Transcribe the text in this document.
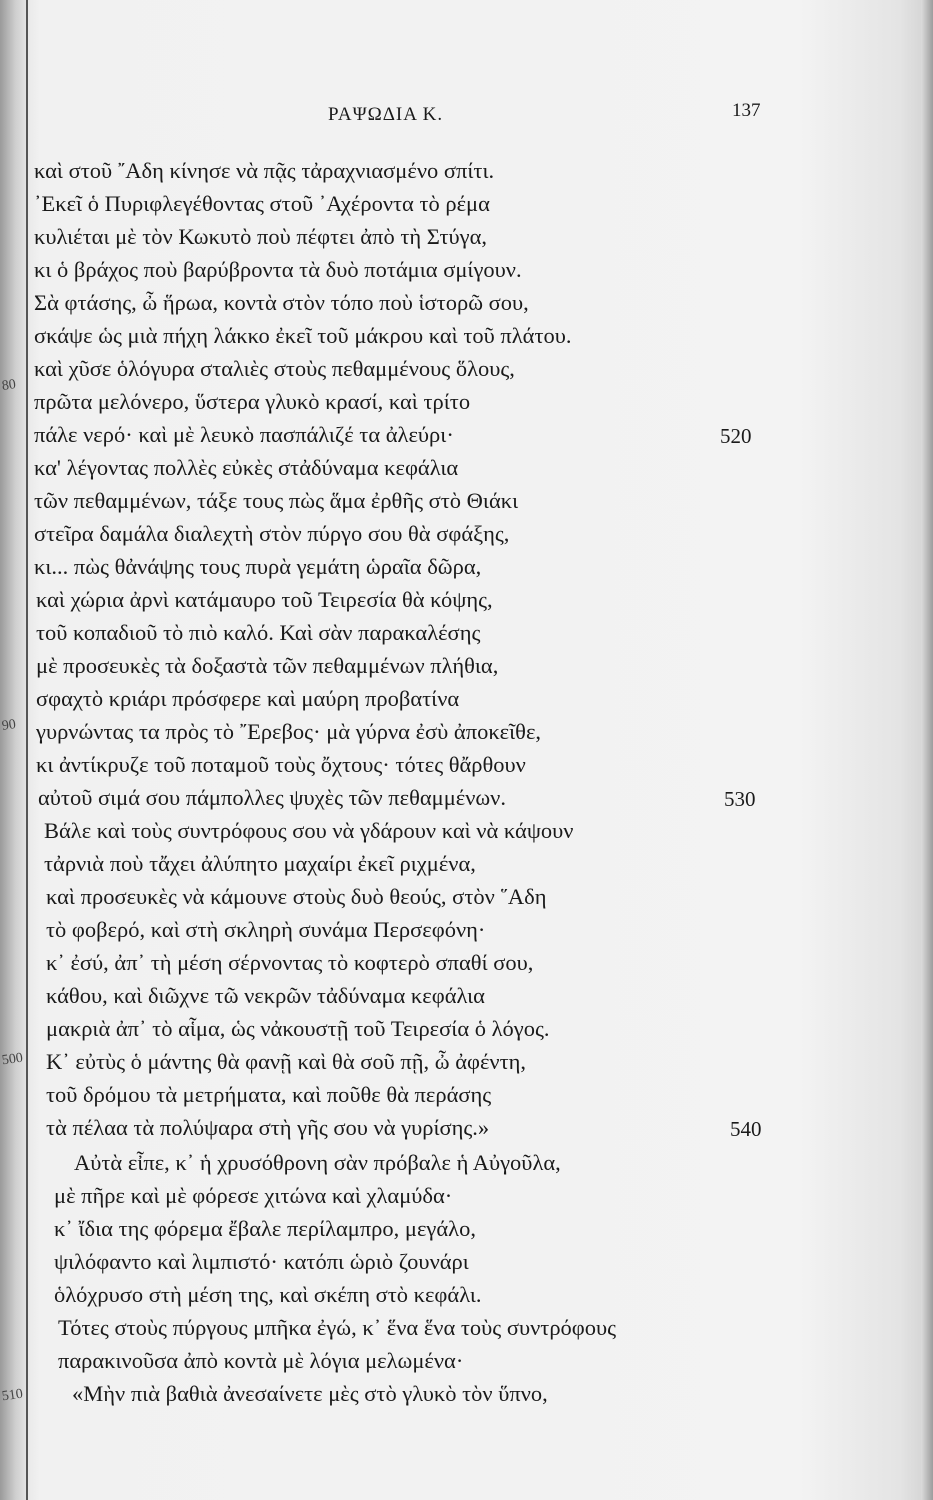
80
90
500
510
ΡΑΨΩΔΙΑ Κ.	137
καὶ στοῦ ῎Αδη κίνησε νὰ πᾷς τἀραχνιασμένο σπίτι.
᾿Εκεῖ ὁ Πυριφλεγέθοντας στοῦ ᾿Αχέροντα τὸ ρέμα
κυλιέται μὲ τὸν Κωκυτὸ ποὺ πέφτει ἀπὸ τὴ Στύγα,
κι ὁ βράχος ποὺ βαρύβροντα τὰ δυὸ ποτάμια σμίγουν.
Σὰ φτάσης, ὦ ἥρωα, κοντὰ στὸν τόπο ποὺ ἱστορῶ σου,
σκάψε ὡς μιὰ πήχη λάκκο ἐκεῖ τοῦ μάκρου καὶ τοῦ πλάτου.
καὶ χῦσε ὁλόγυρα σταλιὲς στοὺς πεθαμμένους ὅλους,
πρῶτα μελόνερο, ὕστερα γλυκὸ κρασί, καὶ τρίτο
πάλε νερό· καὶ μὲ λευκὸ πασπάλιζέ τα ἀλεύρι·
κα' λέγοντας πολλὲς εὐκὲς στἀδύναμα κεφάλια
τῶν πεθαμμένων, τάξε τους πὼς ἅμα ἐρθῆς στὸ Θιάκι
στεῖρα δαμάλα διαλεχτὴ στὸν πύργο σου θὰ σφάξης,
κι... πὼς θἀνάψης τους πυρὰ γεμάτη ὡραῖα δῶρα,
καὶ χώρια ἀρνὶ κατάμαυρο τοῦ Τειρεσία θὰ κόψης,
τοῦ κοπαδιοῦ τὸ πιὸ καλό. Καὶ σὰν παρακαλέσης
μὲ προσευκὲς τὰ δοξαστὰ τῶν πεθαμμένων πλήθια,
σφαχτὸ κριάρι πρόσφερε καὶ μαύρη προβατίνα
γυρνώντας τα πρὸς τὸ ῎Ερεβος· μὰ γύρνα ἐσὺ ἀποκεῖθε,
κι ἀντίκρυζε τοῦ ποταμοῦ τοὺς ὄχτους· τότες θἄρθουν
αὐτοῦ σιμά σου πάμπολλες ψυχὲς τῶν πεθαμμένων.
Βάλε καὶ τοὺς συντρόφους σου νὰ γδάρουν καὶ νὰ κάψουν
τἀρνιὰ ποὺ τἄχει ἀλύπητο μαχαίρι ἐκεῖ ριχμένα,
καὶ προσευκὲς νὰ κάμουνε στοὺς δυὸ θεούς, στὸν ῞Αδη
τὸ φοβερό, καὶ στὴ σκληρὴ συνάμα Περσεφόνη·
κ᾿ ἐσύ, ἀπ᾿ τὴ μέση σέρνοντας τὸ κοφτερὸ σπαθί σου,
κάθου, καὶ διῶχνε τῶ νεκρῶν τἀδύναμα κεφάλια
μακριὰ ἀπ᾿ τὸ αἷμα, ὡς νἀκουστῇ τοῦ Τειρεσία ὁ λόγος.
Κ᾿ εὐτὺς ὁ μάντης θὰ φανῇ καὶ θὰ σοῦ πῇ, ὦ ἀφέντη,
τοῦ δρόμου τὰ μετρήματα, καὶ ποῦθε θὰ περάσης
τὰ πέλαα τὰ πολύψαρα στὴ γῆς σου νὰ γυρίσης.»
Αὐτὰ εἶπε, κ᾿ ἡ χρυσόθρονη σὰν πρόβαλε ἡ Αὐγοῦλα,
μὲ πῆρε καὶ μὲ φόρεσε χιτώνα καὶ χλαμύδα·
κ᾿ ἴδια της φόρεμα ἔβαλε περίλαμπρο, μεγάλο,
ψιλόφαντο καὶ λιμπιστό· κατόπι ὡριὸ ζουνάρι
ὁλόχρυσο στὴ μέση της, καὶ σκέπη στὸ κεφάλι.
Τότες στοὺς πύργους μπῆκα ἐγώ, κ᾿ ἕνα ἕνα τοὺς συντρόφους
παρακινοῦσα ἀπὸ κοντὰ μὲ λόγια μελωμένα·
«Μὴν πιὰ βαθιὰ ἀνεσαίνετε μὲς στὸ γλυκὸ τὸν ὕπνο,
520
530
540
